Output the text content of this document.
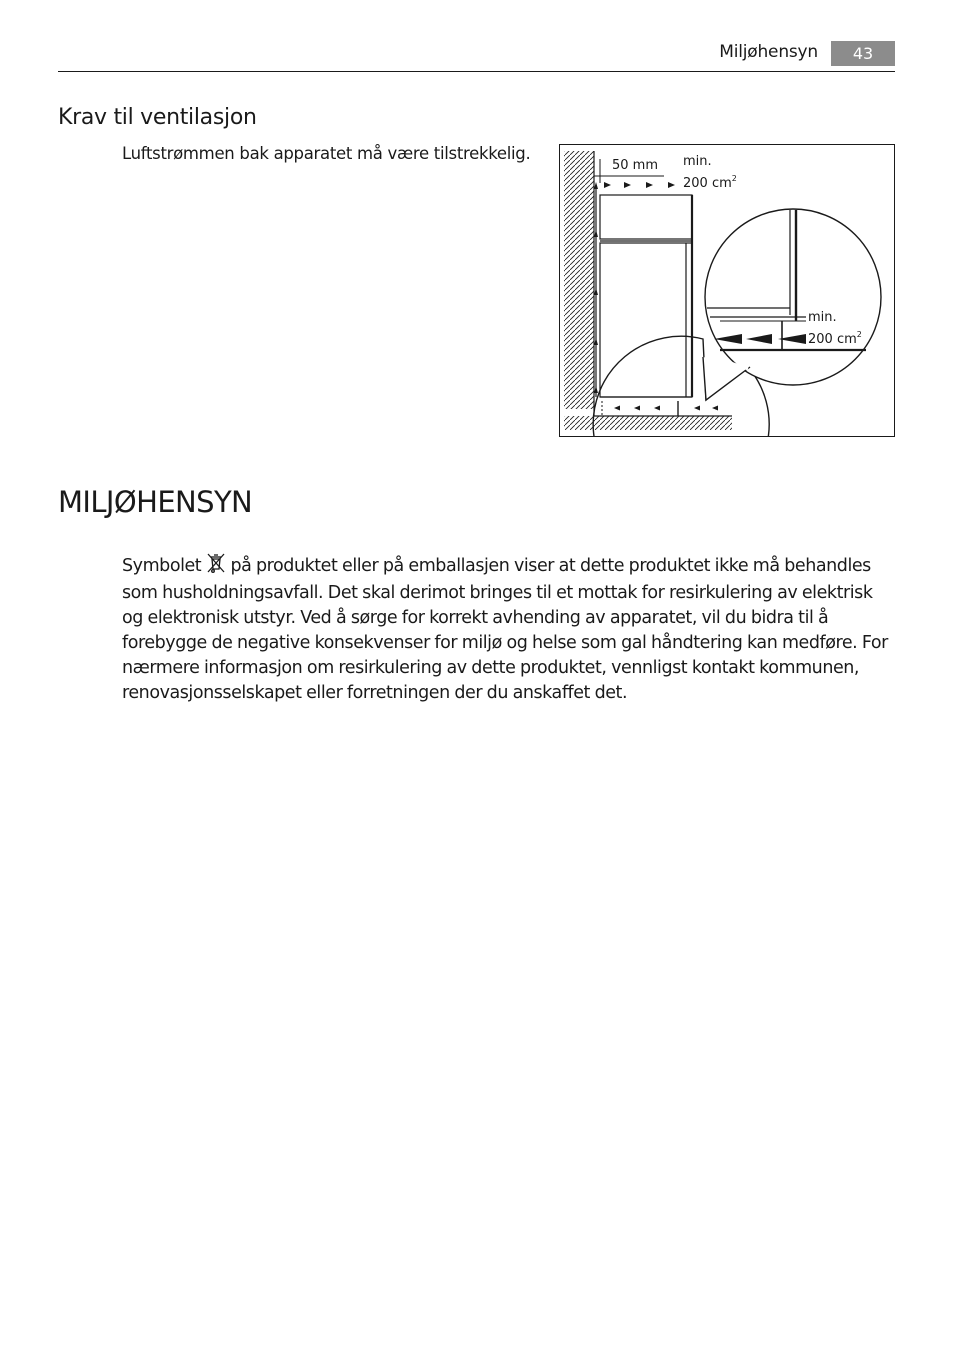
Miljøhensyn	43
Krav til ventilasjon

Luftstrømmen bak apparatet må være tilstrekkelig.

50 mm min.
200 $cm^2$
min.
200 $cm^2$
MILJØHENSYN

Symbolet på produktet eller på emballasjen viser at dette produktet ikke må behandles som husholdningsavfall. Det skal derimot bringes til et mottak for resirkulering av elektrisk og elektronisk utstyr. Ved å sørge for korrekt avhending av apparatet, vil du bidra til å forebygge de negative konsekvenser for miljø og helse som gal håndtering kan medføre. For nærmere informasjon om resirkulering av dette produktet, vennligst kontakt kommunen, renovasjonsselskapet eller forretningen der du anskaffet det.
